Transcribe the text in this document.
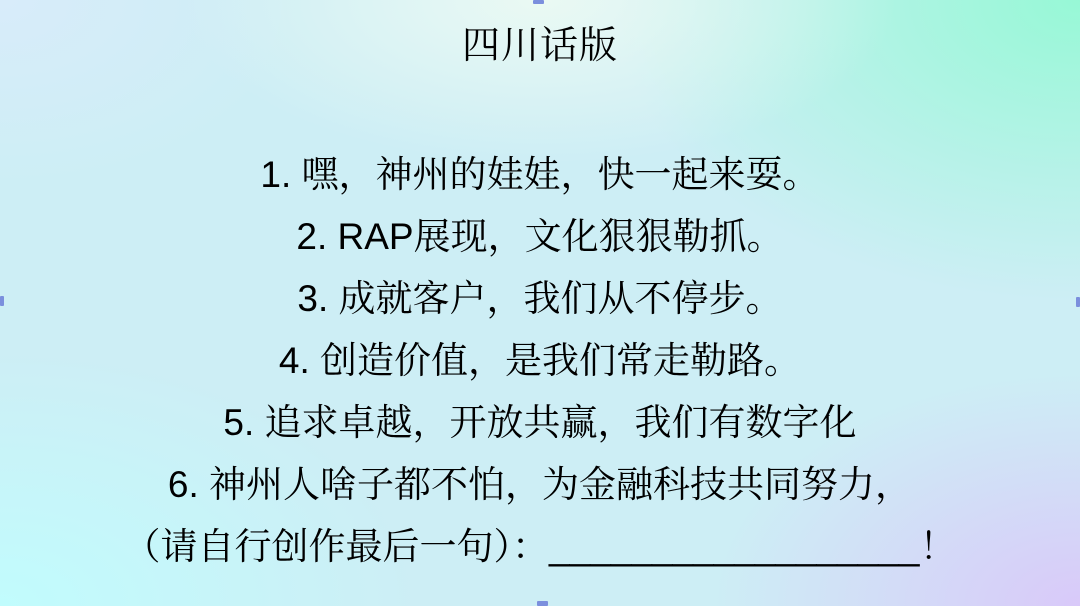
四川话版
1. 嘿，神州的娃娃，快一起来耍。
2. RAP展现，文化狠狠勒抓。
3. 成就客户，我们从不停步。
4. 创造价值，是我们常走勒路。
5. 追求卓越，开放共赢，我们有数字化
6. 神州人啥子都不怕，为金融科技共同努力，
（请自行创作最后一句）：__________________！
